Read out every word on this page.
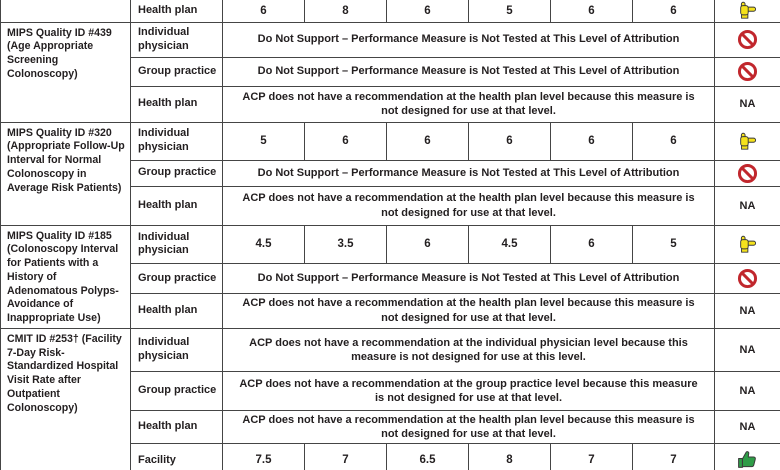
	Health plan	6	8	6	5	6	6	
MIPS Quality ID #439 (Age Appropriate Screening Colonoscopy)	Individual physician	Do Not Support – Performance Measure is Not Tested at This Level of Attribution	
	Group practice	Do Not Support – Performance Measure is Not Tested at This Level of Attribution	
	Health plan	ACP does not have a recommendation at the health plan level because this measure is not designed for use at that level.						NA
MIPS Quality ID #320 (Appropriate Follow-Up Interval for Normal Colonoscopy in Average Risk Patients)	Individual physician	5	6	6	6	6	6	
	Group practice	Do Not Support – Performance Measure is Not Tested at This Level of Attribution	
	Health plan	ACP does not have a recommendation at the health plan level because this measure is not designed for use at that level.						NA
MIPS Quality ID #185 (Colonoscopy Interval for Patients with a History of Adenomatous Polyps-Avoidance of Inappropriate Use)	Individual physician	4.5	3.5	6	4.5	6	5	
	Group practice	Do Not Support – Performance Measure is Not Tested at This Level of Attribution	
	Health plan	ACP does not have a recommendation at the health plan level because this measure is not designed for use at that level.						NA
CMIT ID #253† (Facility 7-Day Risk-Standardized Hospital Visit Rate after Outpatient Colonoscopy)	Individual physician	ACP does not have a recommendation at the individual physician level because this measure is not designed for use at this level.						NA
	Group practice	ACP does not have a recommendation at the group practice level because this measure is not designed for use at that level.						NA
	Health plan	ACP does not have a recommendation at the health plan level because this measure is not designed for use at that level.						NA
	Facility	7.5	7	6.5	8	7	7	
